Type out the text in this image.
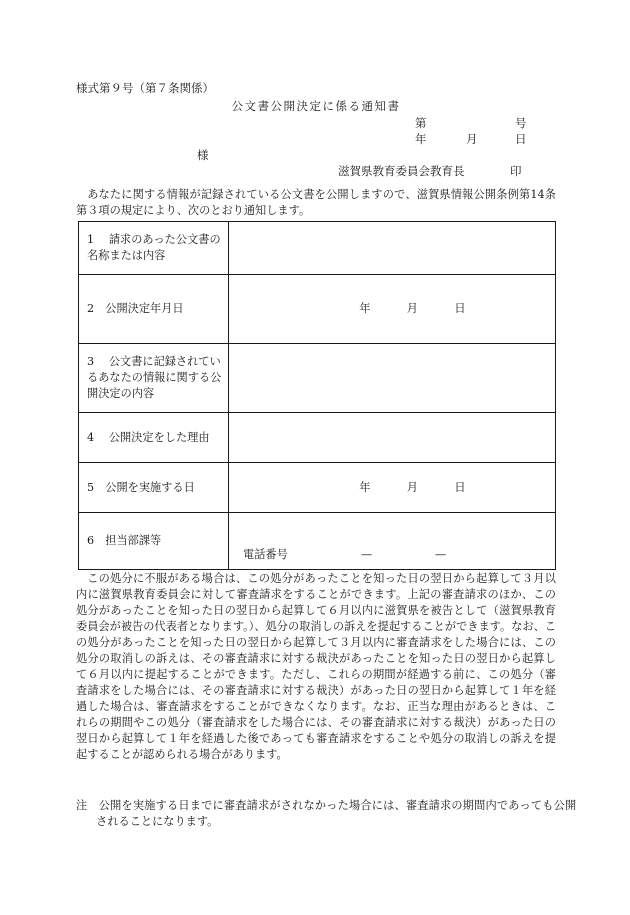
様式第９号（第７条関係）
公文書公開決定に係る通知書
第	号
年	月	日
様
滋賀県教育委員会教育長	印
あなたに関する情報が記録されている公文書を公開しますので、滋賀県情報公開条例第14条第３項の規定により、次のとおり通知します。
1　 請求のあった公文書の名称または内容	
2　公開決定年月日	年 月 日
3　 公文書に記録されているあなたの情報に関する公開決定の内容	
4　 公開決定をした理由	
5　公開を実施する日	年 月 日
6　担当部課等	電話番号 — —
この処分に不服がある場合は、この処分があったことを知った日の翌日から起算して３月以内に滋賀県教育委員会に対して審査請求をすることができます。上記の審査請求のほか、この処分があったことを知った日の翌日から起算して６月以内に滋賀県を被告として（滋賀県教育委員会が被告の代表者となります。）、処分の取消しの訴えを提起することができます。なお、この処分があったことを知った日の翌日から起算して３月以内に審査請求をした場合には、この処分の取消しの訴えは、その審査請求に対する裁決があったことを知った日の翌日から起算して６月以内に提起することができます。ただし、これらの期間が経過する前に、この処分（審査請求をした場合には、その審査請求に対する裁決）があった日の翌日から起算して１年を経過した場合は、審査請求をすることができなくなります。なお、正当な理由があるときは、これらの期間やこの処分（審査請求をした場合には、その審査請求に対する裁決）があった日の翌日から起算して１年を経過した後であっても審査請求をすることや処分の取消しの訴えを提起することが認められる場合があります。
注　公開を実施する日までに審査請求がされなかった場合には、審査請求の期間内であっても公開されることになります。
